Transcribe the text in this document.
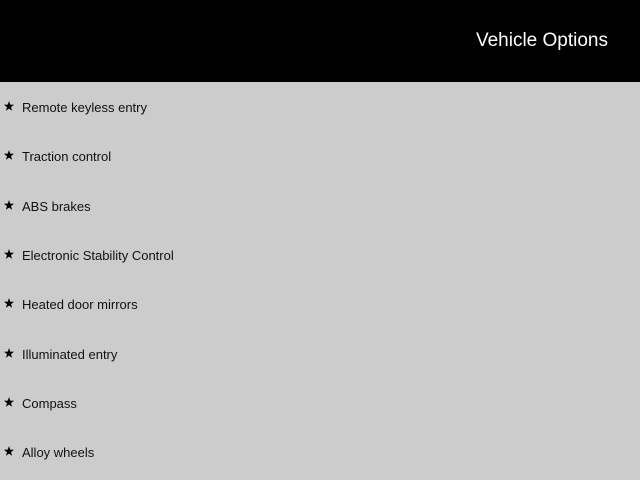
Vehicle Options
Remote keyless entry
Traction control
ABS brakes
Electronic Stability Control
Heated door mirrors
Illuminated entry
Compass
Alloy wheels
